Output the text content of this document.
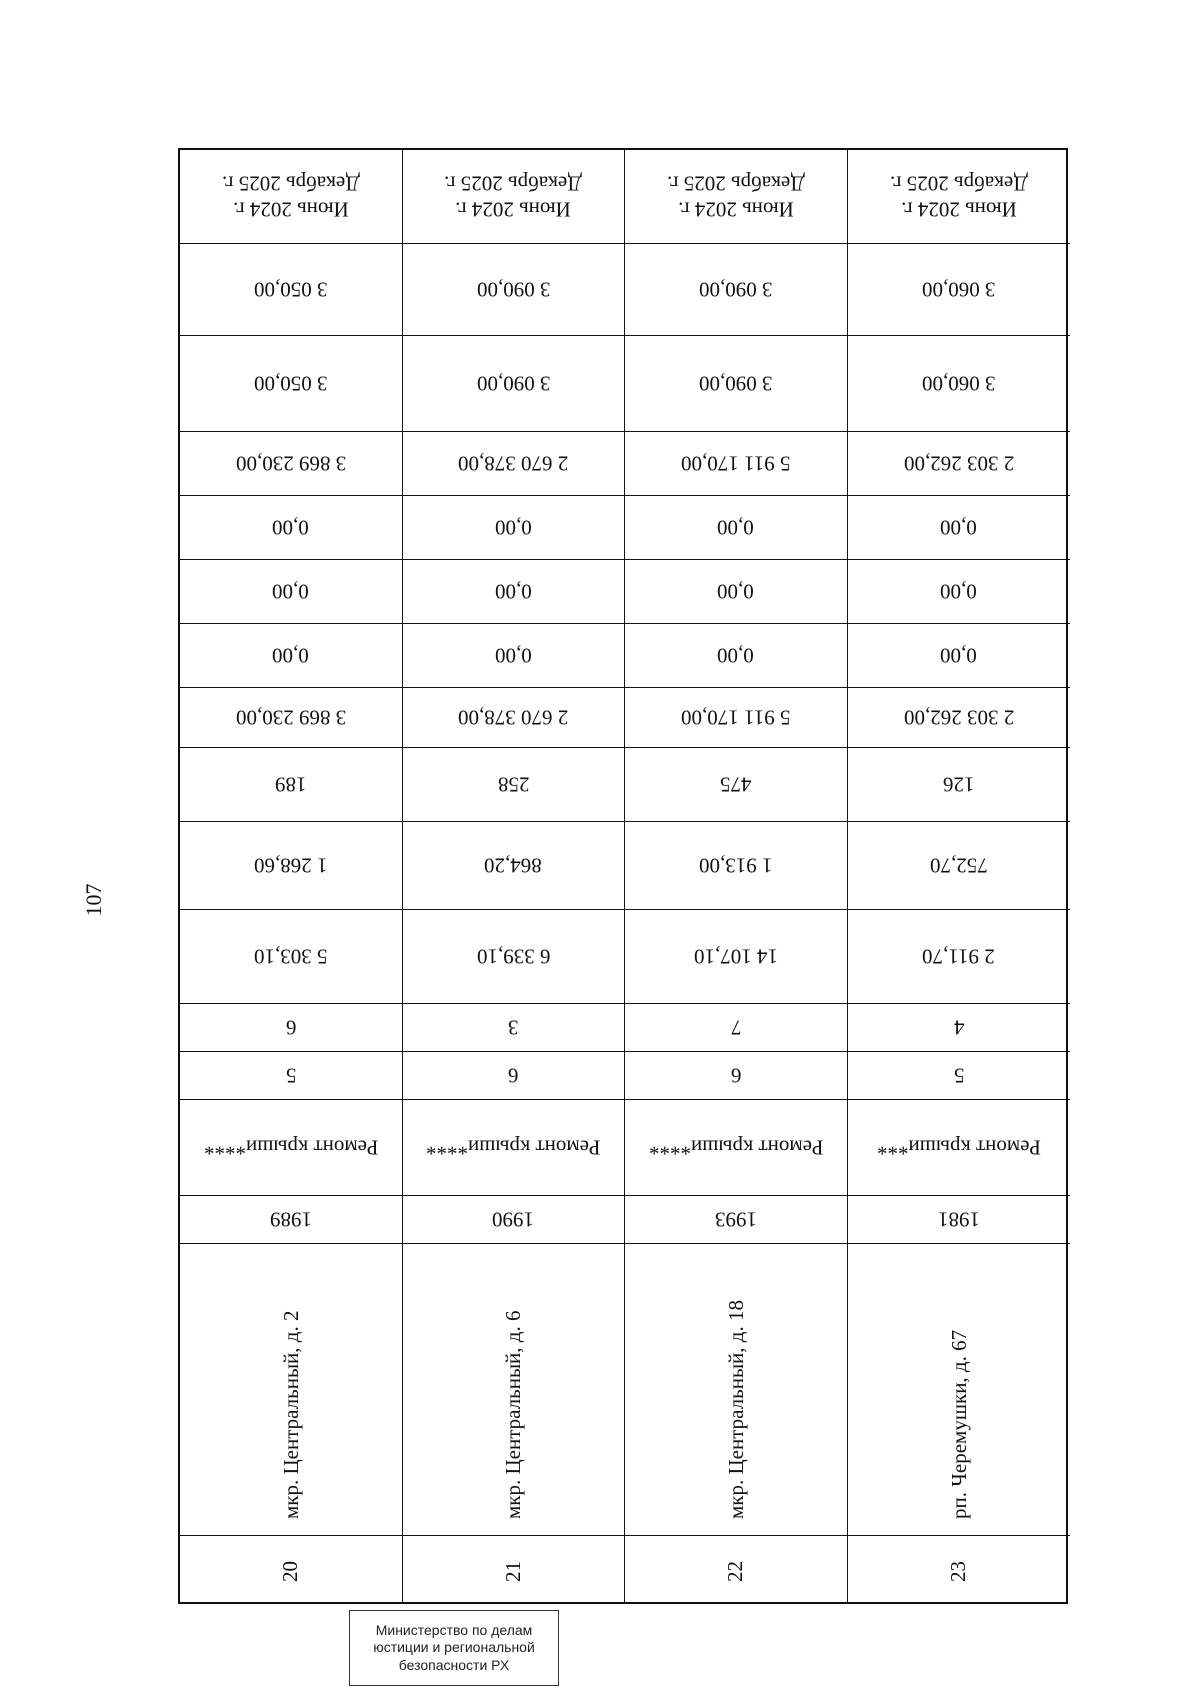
107
Июнь 2024 г.
Декабрь 2025 г.
3 050,00
3 050,00
3 869 230,00
0,00
0,00
0,00
3 869 230,00
189
1 268,60
5 303,10
6
5
Ремонт крыши****
1989
мкр. Центральный, д. 2
20
Июнь 2024 г.
Декабрь 2025 г.
3 090,00
3 090,00
2 670 378,00
0,00
0,00
0,00
2 670 378,00
258
864,20
6 339,10
3
6
Ремонт крыши****
1990
мкр. Центральный, д. 6
21
Июнь 2024 г.
Декабрь 2025 г.
3 090,00
3 090,00
5 911 170,00
0,00
0,00
0,00
5 911 170,00
475
1 913,00
14 107,10
7
6
Ремонт крыши****
1993
мкр. Центральный, д. 18
22
Июнь 2024 г.
Декабрь 2025 г.
3 060,00
3 060,00
2 303 262,00
0,00
0,00
0,00
2 303 262,00
126
752,70
2 911,70
4
5
Ремонт крыши***
1981
рп. Черемушки, д. 67
23
Министерство по делам
юстиции и региональной
безопасности РХ
